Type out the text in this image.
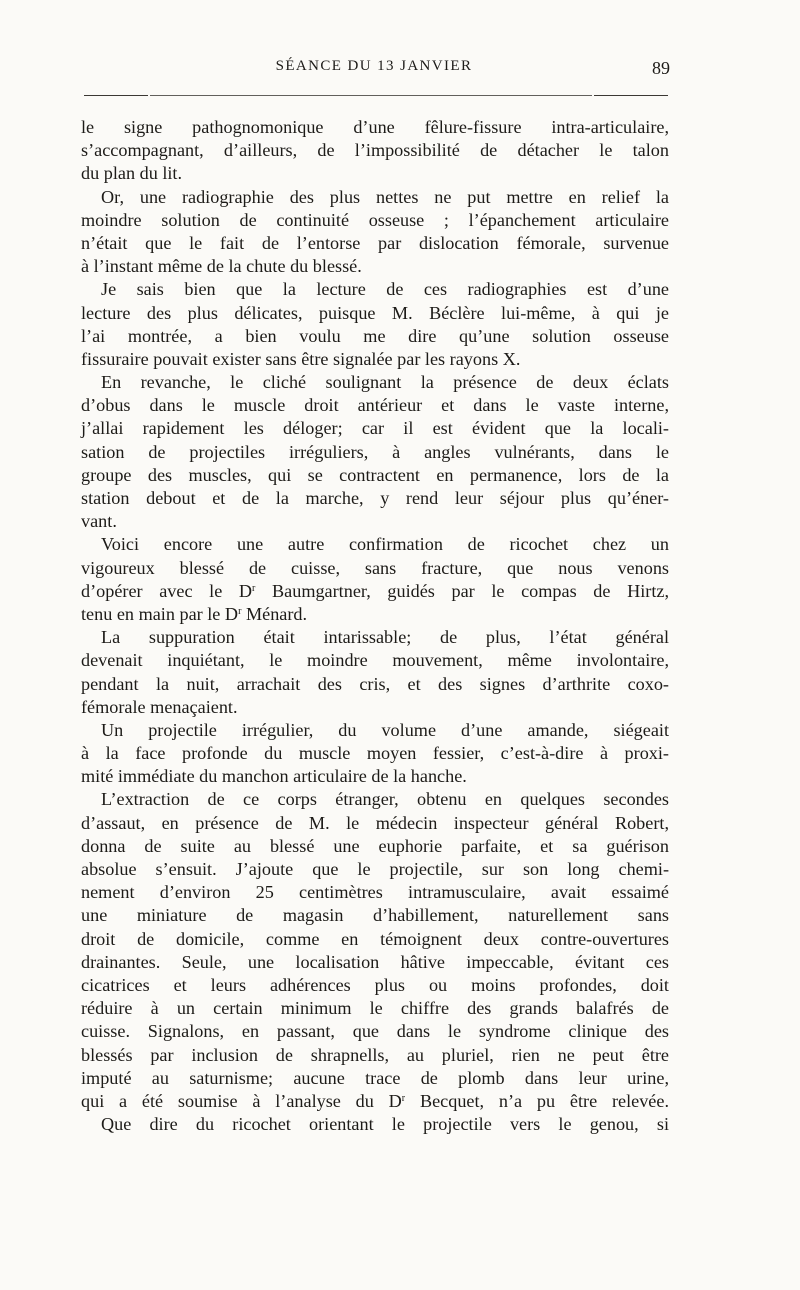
SÉANCE DU 13 JANVIER	89
le signe pathognomonique d’une fêlure-fissure intra-articulaire,
s’accompagnant, d’ailleurs, de l’impossibilité de détacher le talon
du plan du lit.
Or, une radiographie des plus nettes ne put mettre en relief la
moindre solution de continuité osseuse ; l’épanchement articulaire
n’était que le fait de l’entorse par dislocation fémorale, survenue
à l’instant même de la chute du blessé.
Je sais bien que la lecture de ces radiographies est d’une
lecture des plus délicates, puisque M. Béclère lui-même, à qui je
l’ai montrée, a bien voulu me dire qu’une solution osseuse
fissuraire pouvait exister sans être signalée par les rayons X.
En revanche, le cliché soulignant la présence de deux éclats
d’obus dans le muscle droit antérieur et dans le vaste interne,
j’allai rapidement les déloger; car il est évident que la locali-
sation de projectiles irréguliers, à angles vulnérants, dans le
groupe des muscles, qui se contractent en permanence, lors de la
station debout et de la marche, y rend leur séjour plus qu’éner-
vant.
Voici encore une autre confirmation de ricochet chez un
vigoureux blessé de cuisse, sans fracture, que nous venons
d’opérer avec le $D^r$ Baumgartner, guidés par le compas de Hirtz,
tenu en main par le $D^r$ Ménard.
La suppuration était intarissable; de plus, l’état général
devenait inquiétant, le moindre mouvement, même involontaire,
pendant la nuit, arrachait des cris, et des signes d’arthrite coxo-
fémorale menaçaient.
Un projectile irrégulier, du volume d’une amande, siégeait
à la face profonde du muscle moyen fessier, c’est-à-dire à proxi-
mité immédiate du manchon articulaire de la hanche.
L’extraction de ce corps étranger, obtenu en quelques secondes
d’assaut, en présence de M. le médecin inspecteur général Robert,
donna de suite au blessé une euphorie parfaite, et sa guérison
absolue s’ensuit. J’ajoute que le projectile, sur son long chemi-
nement d’environ 25 centimètres intramusculaire, avait essaimé
une miniature de magasin d’habillement, naturellement sans
droit de domicile, comme en témoignent deux contre-ouvertures
drainantes. Seule, une localisation hâtive impeccable, évitant ces
cicatrices et leurs adhérences plus ou moins profondes, doit
réduire à un certain minimum le chiffre des grands balafrés de
cuisse. Signalons, en passant, que dans le syndrome clinique des
blessés par inclusion de shrapnells, au pluriel, rien ne peut être
imputé au saturnisme; aucune trace de plomb dans leur urine,
qui a été soumise à l’analyse du $D^r$ Becquet, n’a pu être relevée.
Que dire du ricochet orientant le projectile vers le genou, si
